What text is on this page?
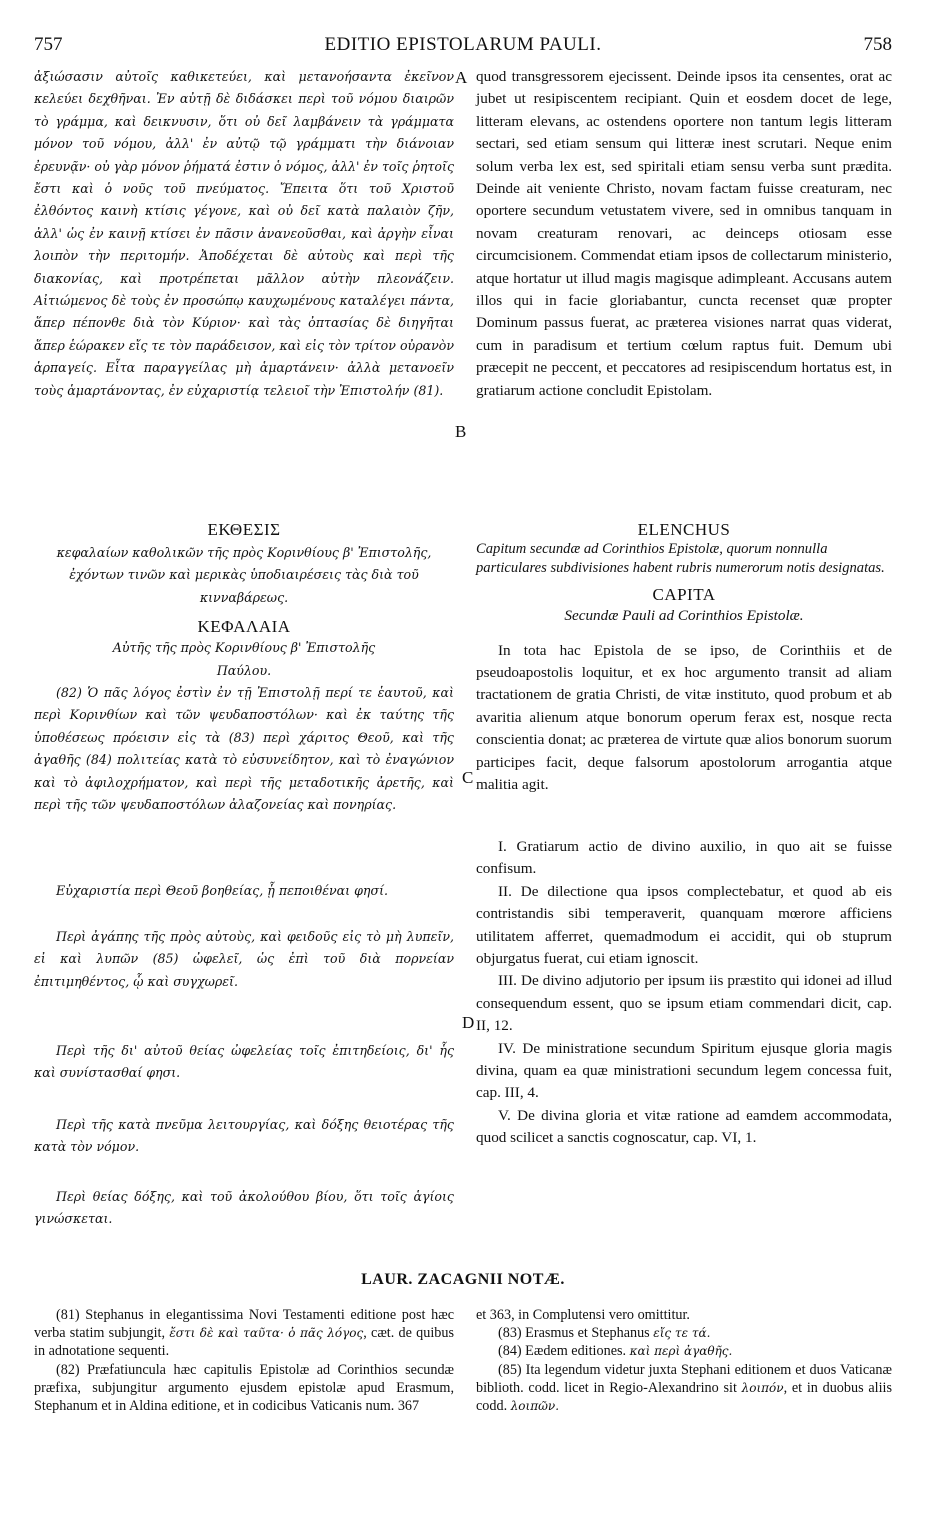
757	EDITIO EPISTOLARUM PAULI.	758

ἀξιώσασιν αὐτοῖς καθικετεύει, καὶ μετανοήσαντα ἐκεῖνον κελεύει δεχθῆναι. Ἐν αὐτῇ δὲ διδάσκει περὶ τοῦ νόμου διαιρῶν τὸ γράμμα, καὶ δεικνυσιν, ὅτι οὐ δεῖ λαμβάνειν τὰ γράμματα μόνον τοῦ νόμου, ἀλλ' ἐν αὐτῷ τῷ γράμματι τὴν διάνοιαν ἐρευνᾷν· οὐ γὰρ μόνον ῥήματά ἐστιν ὁ νόμος, ἀλλ' ἐν τοῖς ῥητοῖς ἔστι καὶ ὁ νοῦς τοῦ πνεύματος. Ἔπειτα ὅτι τοῦ Χριστοῦ ἐλθόντος καινὴ κτίσις γέγονε, καὶ οὐ δεῖ κατὰ παλαιὸν ζῆν, ἀλλ' ὡς ἐν καινῇ κτίσει ἐν πᾶσιν ἀνανεοῦσθαι, καὶ ἀργὴν εἶναι λοιπὸν τὴν περιτομήν. Ἀποδέχεται δὲ αὐτοὺς καὶ περὶ τῆς διακονίας, καὶ προτρέπεται μᾶλλον αὐτὴν πλεονάζειν. Αἰτιώμενος δὲ τοὺς ἐν προσώπῳ καυχωμένους καταλέγει πάντα, ἅπερ πέπονθε διὰ τὸν Κύριον· καὶ τὰς ὀπτασίας δὲ διηγῆται ἅπερ ἑώρακεν εἴς τε τὸν παράδεισον, καὶ εἰς τὸν τρίτον οὐρανὸν ἁρπαγείς. Εἶτα παραγγείλας μὴ ἁμαρτάνειν· ἀλλὰ μετανοεῖν τοὺς ἁμαρτάνοντας, ἐν εὐχαριστίᾳ τελειοῖ τὴν Ἐπιστολήν (81).

quod transgressorem ejecissent. Deinde ipsos ita censentes, orat ac jubet ut resipiscentem recipiant. Quin et eosdem docet de lege, litteram elevans, ac ostendens oportere non tantum legis litteram sectari, sed etiam sensum qui litteræ inest scrutari. Neque enim solum verba lex est, sed spiritali etiam sensu verba sunt prædita. Deinde ait veniente Christo, novam factam fuisse creaturam, nec oportere secundum vetustatem vivere, sed in omnibus tanquam in novam creaturam renovari, ac deinceps otiosam esse circumcisionem. Commendat etiam ipsos de collectarum ministerio, atque hortatur ut illud magis magisque adimpleant. Accusans autem illos qui in facie gloriabantur, cuncta recenset quæ propter Dominum passus fuerat, ac præterea visiones narrat quas viderat, cum in paradisum et tertium cœlum raptus fuit. Demum ubi præcepit ne peccent, et peccatores ad resipiscendum hortatus est, in gratiarum actione concludit Epistolam.

A
B
C
D

ΕΚΘΕΣΙΣ

κεφαλαίων καθολικῶν τῆς πρὸς Κορινθίους β' Ἐπιστολῆς, ἐχόντων τινῶν καὶ μερικὰς ὑποδιαιρέσεις τὰς διὰ τοῦ κινναβάρεως.

ΚΕΦΑΛΑΙΑ

Αὐτῆς τῆς πρὸς Κορινθίους β' Ἐπιστολῆς Παύλου.

(82) Ὁ πᾶς λόγος ἐστὶν ἐν τῇ Ἐπιστολῇ περί τε ἑαυτοῦ, καὶ περὶ Κορινθίων καὶ τῶν ψευδαποστόλων· καὶ ἐκ ταύτης τῆς ὑποθέσεως πρόεισιν εἰς τὰ (83) περὶ χάριτος Θεοῦ, καὶ τῆς ἀγαθῆς (84) πολιτείας κατὰ τὸ εὐσυνείδητον, καὶ τὸ ἐναγώνιον καὶ τὸ ἀφιλοχρήματον, καὶ περὶ τῆς μεταδοτικῆς ἀρετῆς, καὶ περὶ τῆς τῶν ψευδαποστόλων ἀλαζονείας καὶ πονηρίας.

Εὐχαριστία περὶ Θεοῦ βοηθείας, ᾗ πεποιθέναι φησί.

Περὶ ἀγάπης τῆς πρὸς αὐτοὺς, καὶ φειδοῦς εἰς τὸ μὴ λυπεῖν, εἰ καὶ λυπῶν (85) ὠφελεῖ, ὡς ἐπὶ τοῦ διὰ πορνείαν ἐπιτιμηθέντος, ᾧ καὶ συγχωρεῖ.

Περὶ τῆς δι' αὐτοῦ θείας ὠφελείας τοῖς ἐπιτηδείοις, δι' ἧς καὶ συνίστασθαί φησι.

Περὶ τῆς κατὰ πνεῦμα λειτουργίας, καὶ δόξης θειοτέρας τῆς κατὰ τὸν νόμον.

Περὶ θείας δόξης, καὶ τοῦ ἀκολούθου βίου, ὅτι τοῖς ἁγίοις γινώσκεται.

ELENCHUS

Capitum secundæ ad Corinthios Epistolæ, quorum nonnulla particulares subdivisiones habent rubris numerorum notis designatas.

CAPITA

Secundæ Pauli ad Corinthios Epistolæ.

In tota hac Epistola de se ipso, de Corinthiis et de pseudoapostolis loquitur, et ex hoc argumento transit ad aliam tractationem de gratia Christi, de vitæ instituto, quod probum et ab avaritia alienum atque bonorum operum ferax est, nosque recta conscientia donat; ac præterea de virtute quæ alios bonorum suorum participes facit, deque falsorum apostolorum arrogantia atque malitia agit.

I. Gratiarum actio de divino auxilio, in quo ait se fuisse confisum.

II. De dilectione qua ipsos complectebatur, et quod ab eis contristandis sibi temperaverit, quanquam mœrore afficiens utilitatem afferret, quemadmodum ei accidit, qui ob stuprum objurgatus fuerat, cui etiam ignoscit.

III. De divino adjutorio per ipsum iis præstito qui idonei ad illud consequendum essent, quo se ipsum etiam commendari dicit, cap. II, 12.

IV. De ministratione secundum Spiritum ejusque gloria magis divina, quam ea quæ ministrationi secundum legem concessa fuit, cap. III, 4.

V. De divina gloria et vitæ ratione ad eamdem accommodata, quod scilicet a sanctis cognoscatur, cap. VI, 1.

LAUR. ZACAGNII NOTÆ.

(81) Stephanus in elegantissima Novi Testamenti editione post hæc verba statim subjungit, ἔστι δὲ καὶ ταῦτα· ὁ πᾶς λόγος, cæt. de quibus in adnotatione sequenti.

(82) Præfatiuncula hæc capitulis Epistolæ ad Corinthios secundæ præfixa, subjungitur argumento ejusdem epistolæ apud Erasmum, Stephanum et in Aldina editione, et in codicibus Vaticanis num. 367

et 363, in Complutensi vero omittitur.

(83) Erasmus et Stephanus εἴς τε τά.

(84) Eædem editiones. καὶ περὶ ἀγαθῆς.

(85) Ita legendum videtur juxta Stephani editionem et duos Vaticanæ biblioth. codd. licet in Regio-Alexandrino sit λοιπόν, et in duobus aliis codd. λοιπῶν.
